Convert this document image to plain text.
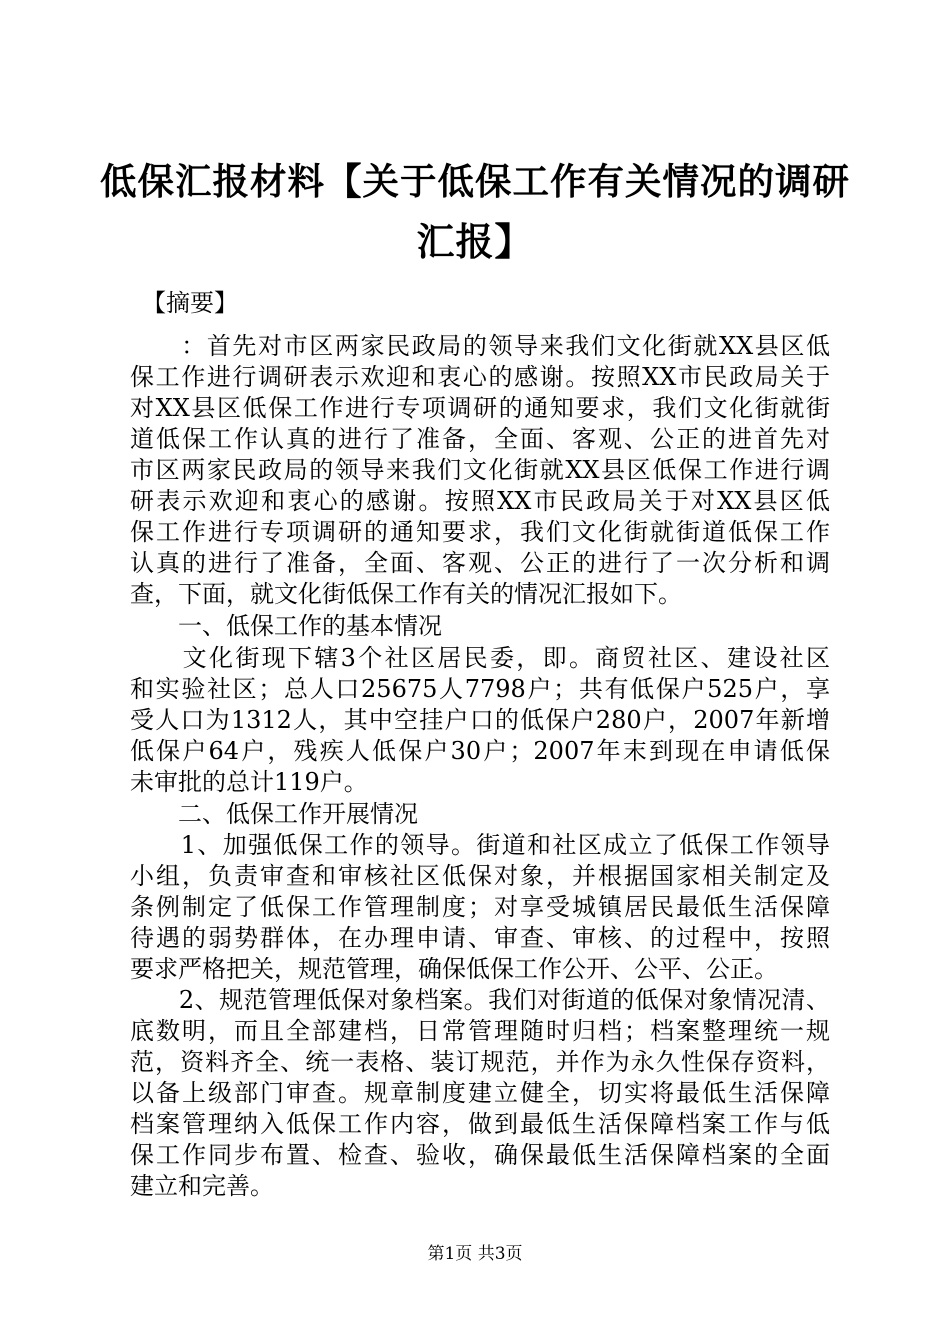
低保汇报材料【关于低保工作有关情况的调研
汇报】
　【摘要】
　　：首先对市区两家民政局的领导来我们文化街就XX县区低
保工作进行调研表示欢迎和衷心的感谢。按照XX市民政局关于
对XX县区低保工作进行专项调研的通知要求，我们文化街就街
道低保工作认真的进行了准备，全面、客观、公正的进首先对
市区两家民政局的领导来我们文化街就XX县区低保工作进行调
研表示欢迎和衷心的感谢。按照XX市民政局关于对XX县区低
保工作进行专项调研的通知要求，我们文化街就街道低保工作
认真的进行了准备，全面、客观、公正的进行了一次分析和调
查，下面，就文化街低保工作有关的情况汇报如下。
　　一、低保工作的基本情况
　　文化街现下辖3个社区居民委，即。商贸社区、建设社区
和实验社区；总人口25675人7798户；共有低保户525户，享
受人口为1312人，其中空挂户口的低保户280户，2007年新增
低保户64户，残疾人低保户30户；2007年末到现在申请低保
未审批的总计119户。
　　二、低保工作开展情况
　　1、加强低保工作的领导。街道和社区成立了低保工作领导
小组，负责审查和审核社区低保对象，并根据国家相关制定及
条例制定了低保工作管理制度；对享受城镇居民最低生活保障
待遇的弱势群体，在办理申请、审查、审核、的过程中，按照
要求严格把关，规范管理，确保低保工作公开、公平、公正。
　　2、规范管理低保对象档案。我们对街道的低保对象情况清、
底数明，而且全部建档，日常管理随时归档；档案整理统一规
范，资料齐全、统一表格、装订规范，并作为永久性保存资料，
以备上级部门审查。规章制度建立健全，切实将最低生活保障
档案管理纳入低保工作内容，做到最低生活保障档案工作与低
保工作同步布置、检查、验收，确保最低生活保障档案的全面
建立和完善。
第1页 共3页
